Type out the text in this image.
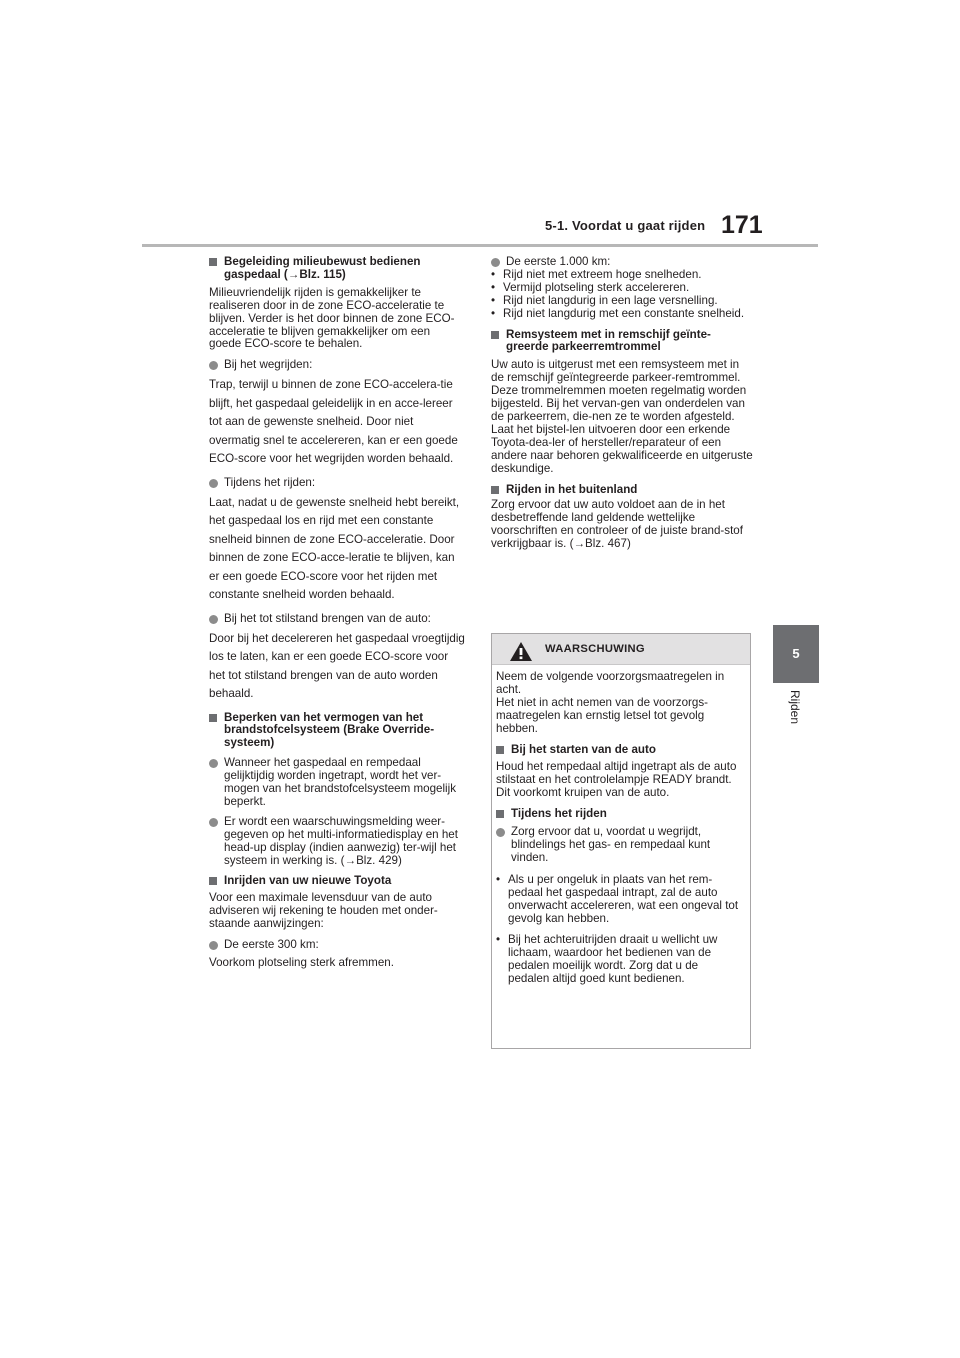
5-1. Voordat u gaat rijden 171
5
Rijden

Begeleiding milieubewust bedienen gaspedaal (→Blz. 115)

Milieuvriendelijk rijden is gemakkelijker te realiseren door in de zone ECO-acceleratie te blijven. Verder is het door binnen de zone ECO-acceleratie te blijven gemakkelijker om een goede ECO-score te behalen.

Bij het wegrijden:

Trap, terwijl u binnen de zone ECO-accelera-tie blijft, het gaspedaal geleidelijk in en acce-lereer tot aan de gewenste snelheid. Door niet overmatig snel te accelereren, kan er een goede ECO-score voor het wegrijden worden behaald.

Tijdens het rijden:

Laat, nadat u de gewenste snelheid hebt bereikt, het gaspedaal los en rijd met een constante snelheid binnen de zone ECO-acceleratie. Door binnen de zone ECO-acce-leratie te blijven, kan er een goede ECO-score voor het rijden met constante snelheid worden behaald.

Bij het tot stilstand brengen van de auto:

Door bij het decelereren het gaspedaal vroegtijdig los te laten, kan er een goede ECO-score voor het tot stilstand brengen van de auto worden behaald.

Beperken van het vermogen van het brandstofcelsysteem (Brake Override-systeem)

Wanneer het gaspedaal en rempedaal gelijktijdig worden ingetrapt, wordt het ver-mogen van het brandstofcelsysteem mogelijk beperkt.

Er wordt een waarschuwingsmelding weer-gegeven op het multi-informatiedisplay en het head-up display (indien aanwezig) ter-wijl het systeem in werking is. (→Blz. 429)

Inrijden van uw nieuwe Toyota

Voor een maximale levensduur van de auto adviseren wij rekening te houden met onder-staande aanwijzingen:

De eerste 300 km:

Voorkom plotseling sterk afremmen.

De eerste 1.000 km:

• Rijd niet met extreem hoge snelheden.

• Vermijd plotseling sterk accelereren.

• Rijd niet langdurig in een lage versnelling.

• Rijd niet langdurig met een constante snelheid.

Remsysteem met in remschijf geïnte-greerde parkeerremtrommel

Uw auto is uitgerust met een remsysteem met in de remschijf geïntegreerde parkeer-remtrommel. Deze trommelremmen moeten regelmatig worden bijgesteld. Bij het vervan-gen van onderdelen van de parkeerrem, die-nen ze te worden afgesteld. Laat het bijstel-len uitvoeren door een erkende Toyota-dea-ler of hersteller/reparateur of een andere naar behoren gekwalificeerde en uitgeruste deskundige.

Rijden in het buitenland

Zorg ervoor dat uw auto voldoet aan de in het desbetreffende land geldende wettelijke voorschriften en controleer of de juiste brand-stof verkrijgbaar is. (→Blz. 467)

WAARSCHUWING

Neem de volgende voorzorgsmaatregelen in acht.

Het niet in acht nemen van de voorzorgs-maatregelen kan ernstig letsel tot gevolg hebben.

Bij het starten van de auto

Houd het rempedaal altijd ingetrapt als de auto stilstaat en het controlelampje READY brandt. Dit voorkomt kruipen van de auto.

Tijdens het rijden

Zorg ervoor dat u, voordat u wegrijdt, blindelings het gas- en rempedaal kunt vinden.

• Als u per ongeluk in plaats van het rem-pedaal het gaspedaal intrapt, zal de auto onverwacht accelereren, wat een ongeval tot gevolg kan hebben.

• Bij het achteruitrijden draait u wellicht uw lichaam, waardoor het bedienen van de pedalen moeilijk wordt. Zorg dat u de pedalen altijd goed kunt bedienen.
